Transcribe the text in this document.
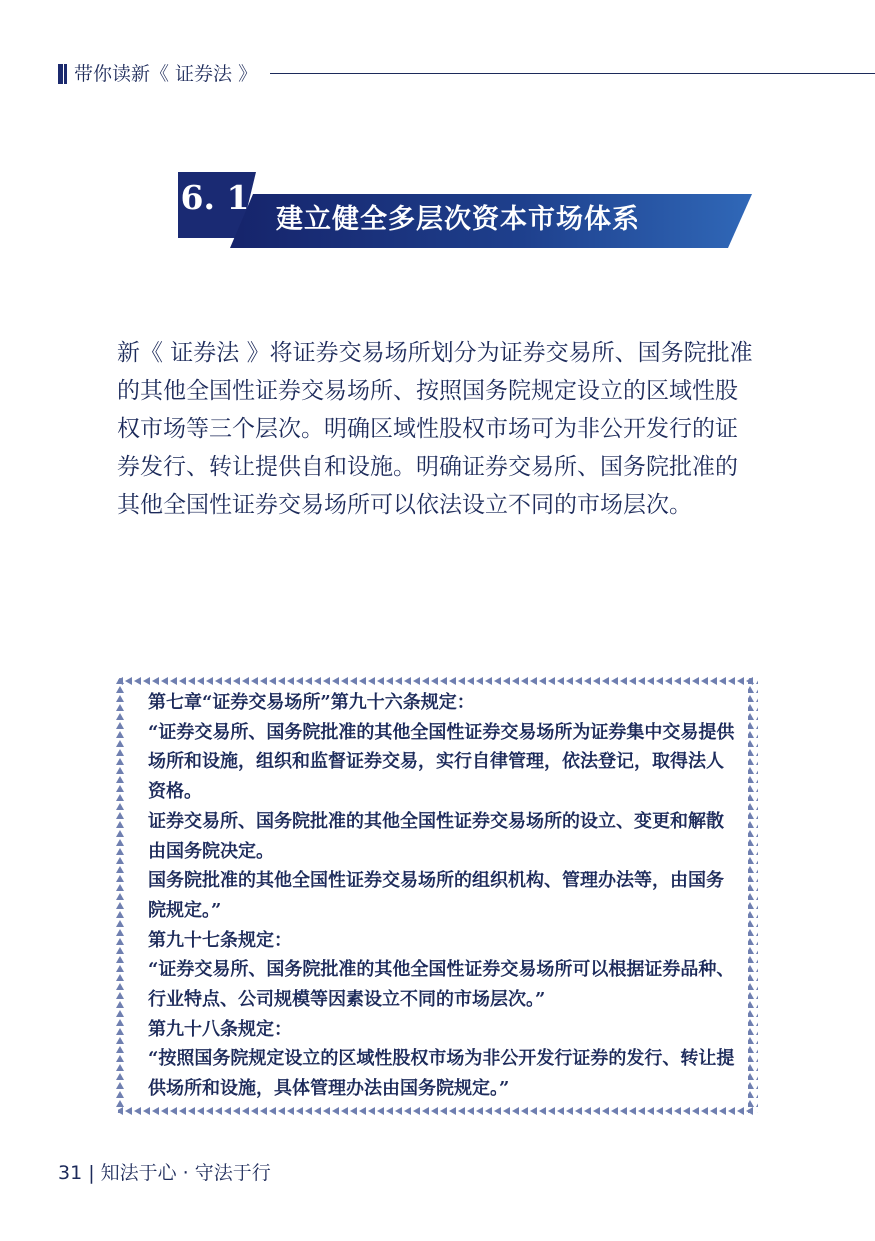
带你读新《 证券法 》
6. 1
建立健全多层次资本市场体系

新《 证券法 》将证券交易场所划分为证券交易所、国务院批准的其他全国性证券交易场所、按照国务院规定设立的区域性股权市场等三个层次。明确区域性股权市场可为非公开发行的证券发行、转让提供自和设施。明确证券交易所、国务院批准的其他全国性证券交易场所可以依法设立不同的市场层次。

第七章“证券交易场所”第九十六条规定：

“证券交易所、国务院批准的其他全国性证券交易场所为证券集中交易提供场所和设施，组织和监督证券交易，实行自律管理，依法登记，取得法人资格。

证券交易所、国务院批准的其他全国性证券交易场所的设立、变更和解散由国务院决定。

国务院批准的其他全国性证券交易场所的组织机构、管理办法等，由国务院规定。”

第九十七条规定：

“证券交易所、国务院批准的其他全国性证券交易场所可以根据证券品种、行业特点、公司规模等因素设立不同的市场层次。”

第九十八条规定：

“按照国务院规定设立的区域性股权市场为非公开发行证券的发行、转让提供场所和设施，具体管理办法由国务院规定。”

31 | 知法于心 · 守法于行
